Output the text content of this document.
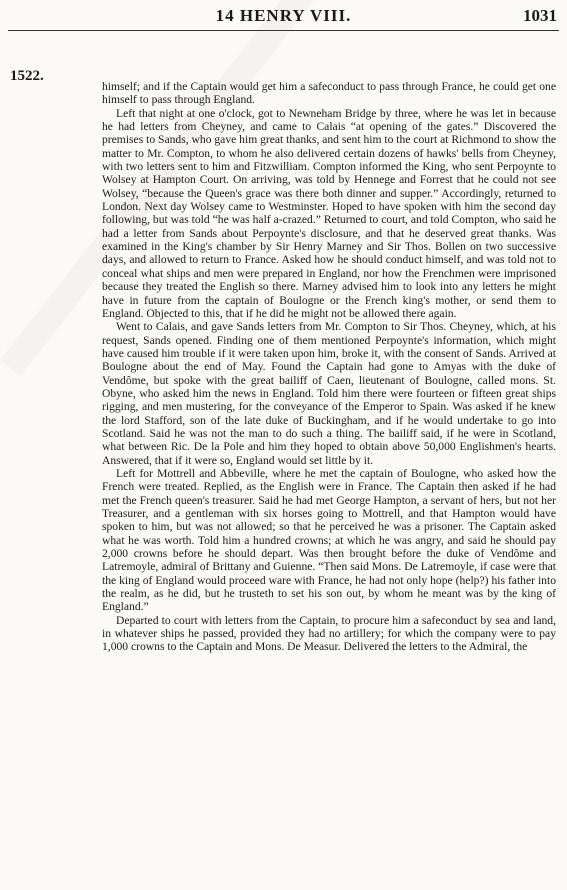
14 HENRY VIII.	1031
1522.

himself; and if the Captain would get him a safeconduct to pass through France, he could get one himself to pass through England.

Left that night at one o'clock, got to Newneham Bridge by three, where he was let in because he had letters from Cheyney, and came to Calais “at opening of the gates.” Discovered the premises to Sands, who gave him great thanks, and sent him to the court at Richmond to show the matter to Mr. Compton, to whom he also delivered certain dozens of hawks' bells from Cheyney, with two letters sent to him and Fitzwilliam. Compton informed the King, who sent Perpoynte to Wolsey at Hampton Court. On arriving, was told by Hennege and Forrest that he could not see Wolsey, “because the Queen's grace was there both dinner and supper.” Accordingly, returned to London. Next day Wolsey came to Westminster. Hoped to have spoken with him the second day following, but was told “he was half a-crazed.” Returned to court, and told Compton, who said he had a letter from Sands about Perpoynte's disclosure, and that he deserved great thanks. Was examined in the King's chamber by Sir Henry Marney and Sir Thos. Bollen on two successive days, and allowed to return to France. Asked how he should conduct himself, and was told not to conceal what ships and men were prepared in England, nor how the Frenchmen were imprisoned because they treated the English so there. Marney advised him to look into any letters he might have in future from the captain of Boulogne or the French king's mother, or send them to England. Objected to this, that if he did he might not be allowed there again.

Went to Calais, and gave Sands letters from Mr. Compton to Sir Thos. Cheyney, which, at his request, Sands opened. Finding one of them mentioned Perpoynte's information, which might have caused him trouble if it were taken upon him, broke it, with the consent of Sands. Arrived at Boulogne about the end of May. Found the Captain had gone to Amyas with the duke of Vendôme, but spoke with the great bailiff of Caen, lieutenant of Boulogne, called mons. St. Obyne, who asked him the news in England. Told him there were fourteen or fifteen great ships rigging, and men mustering, for the conveyance of the Emperor to Spain. Was asked if he knew the lord Stafford, son of the late duke of Buckingham, and if he would undertake to go into Scotland. Said he was not the man to do such a thing. The bailiff said, if he were in Scotland, what between Ric. De la Pole and him they hoped to obtain above 50,000 Englishmen's hearts. Answered, that if it were so, England would set little by it.

Left for Mottrell and Abbeville, where he met the captain of Boulogne, who asked how the French were treated. Replied, as the English were in France. The Captain then asked if he had met the French queen's treasurer. Said he had met George Hampton, a servant of hers, but not her Treasurer, and a gentleman with six horses going to Mottrell, and that Hampton would have spoken to him, but was not allowed; so that he perceived he was a prisoner. The Captain asked what he was worth. Told him a hundred crowns; at which he was angry, and said he should pay 2,000 crowns before he should depart. Was then brought before the duke of Vendôme and Latremoyle, admiral of Brittany and Guienne. “Then said Mons. De Latremoyle, if case were that the king of England would proceed ware with France, he had not only hope (help?) his father into the realm, as he did, but he trusteth to set his son out, by whom he meant was by the king of England.”

Departed to court with letters from the Captain, to procure him a safeconduct by sea and land, in whatever ships he passed, provided they had no artillery; for which the company were to pay 1,000 crowns to the Captain and Mons. De Measur. Delivered the letters to the Admiral, the
